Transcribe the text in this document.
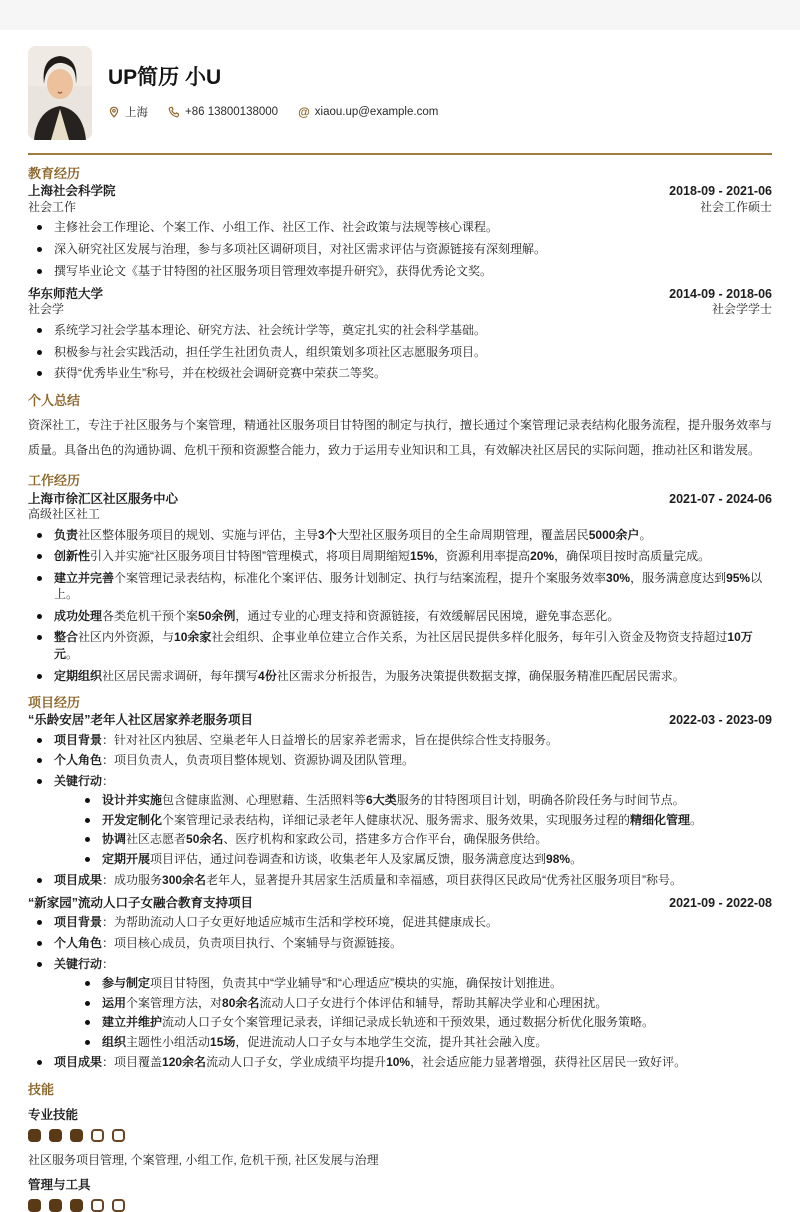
UP简历 小U
上海	+86 13800138000 @ xiaou.up@example.com
教育经历
上海社会科学院	2018-09 - 2021-06
社会工作	社会工作硕士
主修社会工作理论、个案工作、小组工作、社区工作、社会政策与法规等核心课程。
深入研究社区发展与治理，参与多项社区调研项目，对社区需求评估与资源链接有深刻理解。
撰写毕业论文《基于甘特图的社区服务项目管理效率提升研究》，获得优秀论文奖。
华东师范大学	2014-09 - 2018-06
社会学	社会学学士
系统学习社会学基本理论、研究方法、社会统计学等，奠定扎实的社会科学基础。
积极参与社会实践活动，担任学生社团负责人，组织策划多项社区志愿服务项目。
获得“优秀毕业生”称号，并在校级社会调研竞赛中荣获二等奖。
个人总结

资深社工，专注于社区服务与个案管理，精通社区服务项目甘特图的制定与执行，擅长通过个案管理记录表结构化服务流程，提升服务效率与质量。具备出色的沟通协调、危机干预和资源整合能力，致力于运用专业知识和工具，有效解决社区居民的实际问题，推动社区和谐发展。

工作经历
上海市徐汇区社区服务中心	2021-07 - 2024-06
高级社区社工
负责社区整体服务项目的规划、实施与评估，主导3个大型社区服务项目的全生命周期管理，覆盖居民5000余户。
创新性引入并实施“社区服务项目甘特图”管理模式，将项目周期缩短15%，资源利用率提高20%，确保项目按时高质量完成。
建立并完善个案管理记录表结构，标准化个案评估、服务计划制定、执行与结案流程，提升个案服务效率30%，服务满意度达到95%以上。
成功处理各类危机干预个案50余例，通过专业的心理支持和资源链接，有效缓解居民困境，避免事态恶化。
整合社区内外资源，与10余家社会组织、企事业单位建立合作关系，为社区居民提供多样化服务，每年引入资金及物资支持超过10万元。
定期组织社区居民需求调研，每年撰写4份社区需求分析报告，为服务决策提供数据支撑，确保服务精准匹配居民需求。
项目经历
“乐龄安居”老年人社区居家养老服务项目	2022-03 - 2023-09
项目背景：针对社区内独居、空巢老年人日益增长的居家养老需求，旨在提供综合性支持服务。
个人角色：项目负责人，负责项目整体规划、资源协调及团队管理。
关键行动：
设计并实施包含健康监测、心理慰藉、生活照料等6大类服务的甘特图项目计划，明确各阶段任务与时间节点。
开发定制化个案管理记录表结构，详细记录老年人健康状况、服务需求、服务效果，实现服务过程的精细化管理。
协调社区志愿者50余名、医疗机构和家政公司，搭建多方合作平台，确保服务供给。
定期开展项目评估，通过问卷调查和访谈，收集老年人及家属反馈，服务满意度达到98%。
项目成果：成功服务300余名老年人，显著提升其居家生活质量和幸福感，项目获得区民政局“优秀社区服务项目”称号。
“新家园”流动人口子女融合教育支持项目	2021-09 - 2022-08
项目背景：为帮助流动人口子女更好地适应城市生活和学校环境，促进其健康成长。
个人角色：项目核心成员，负责项目执行、个案辅导与资源链接。
关键行动：
参与制定项目甘特图，负责其中“学业辅导”和“心理适应”模块的实施，确保按计划推进。
运用个案管理方法，对80余名流动人口子女进行个体评估和辅导，帮助其解决学业和心理困扰。
建立并维护流动人口子女个案管理记录表，详细记录成长轨迹和干预效果，通过数据分析优化服务策略。
组织主题性小组活动15场，促进流动人口子女与本地学生交流，提升其社会融入度。
项目成果：项目覆盖120余名流动人口子女，学业成绩平均提升10%，社会适应能力显著增强，获得社区居民一致好评。
技能
专业技能

社区服务项目管理, 个案管理, 小组工作, 危机干预, 社区发展与治理

管理与工具
